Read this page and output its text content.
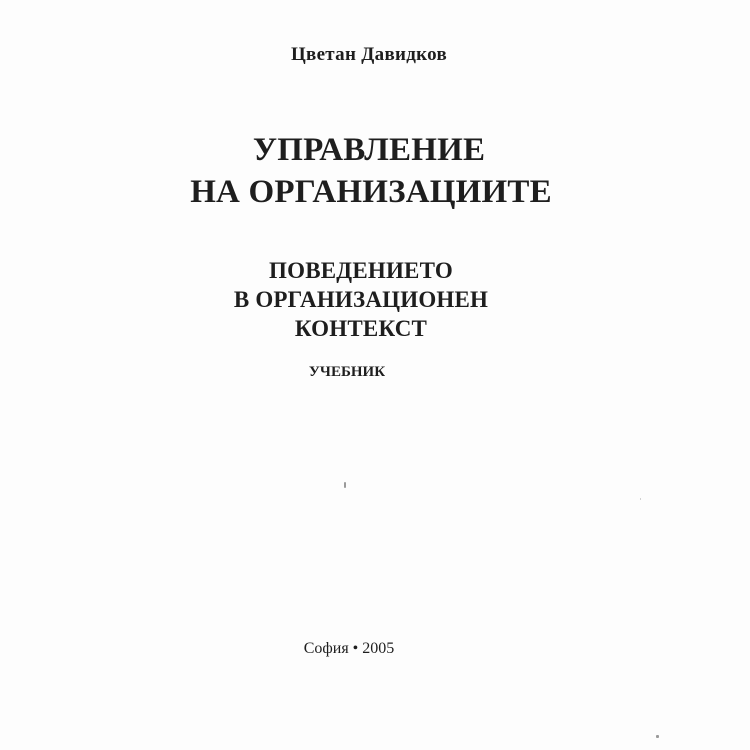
Цветан Давидков
УПРАВЛЕНИЕ
НА ОРГАНИЗАЦИИТЕ
ПОВЕДЕНИЕТО
В ОРГАНИЗАЦИОНЕН
КОНТЕКСТ
УЧЕБНИК
София • 2005
